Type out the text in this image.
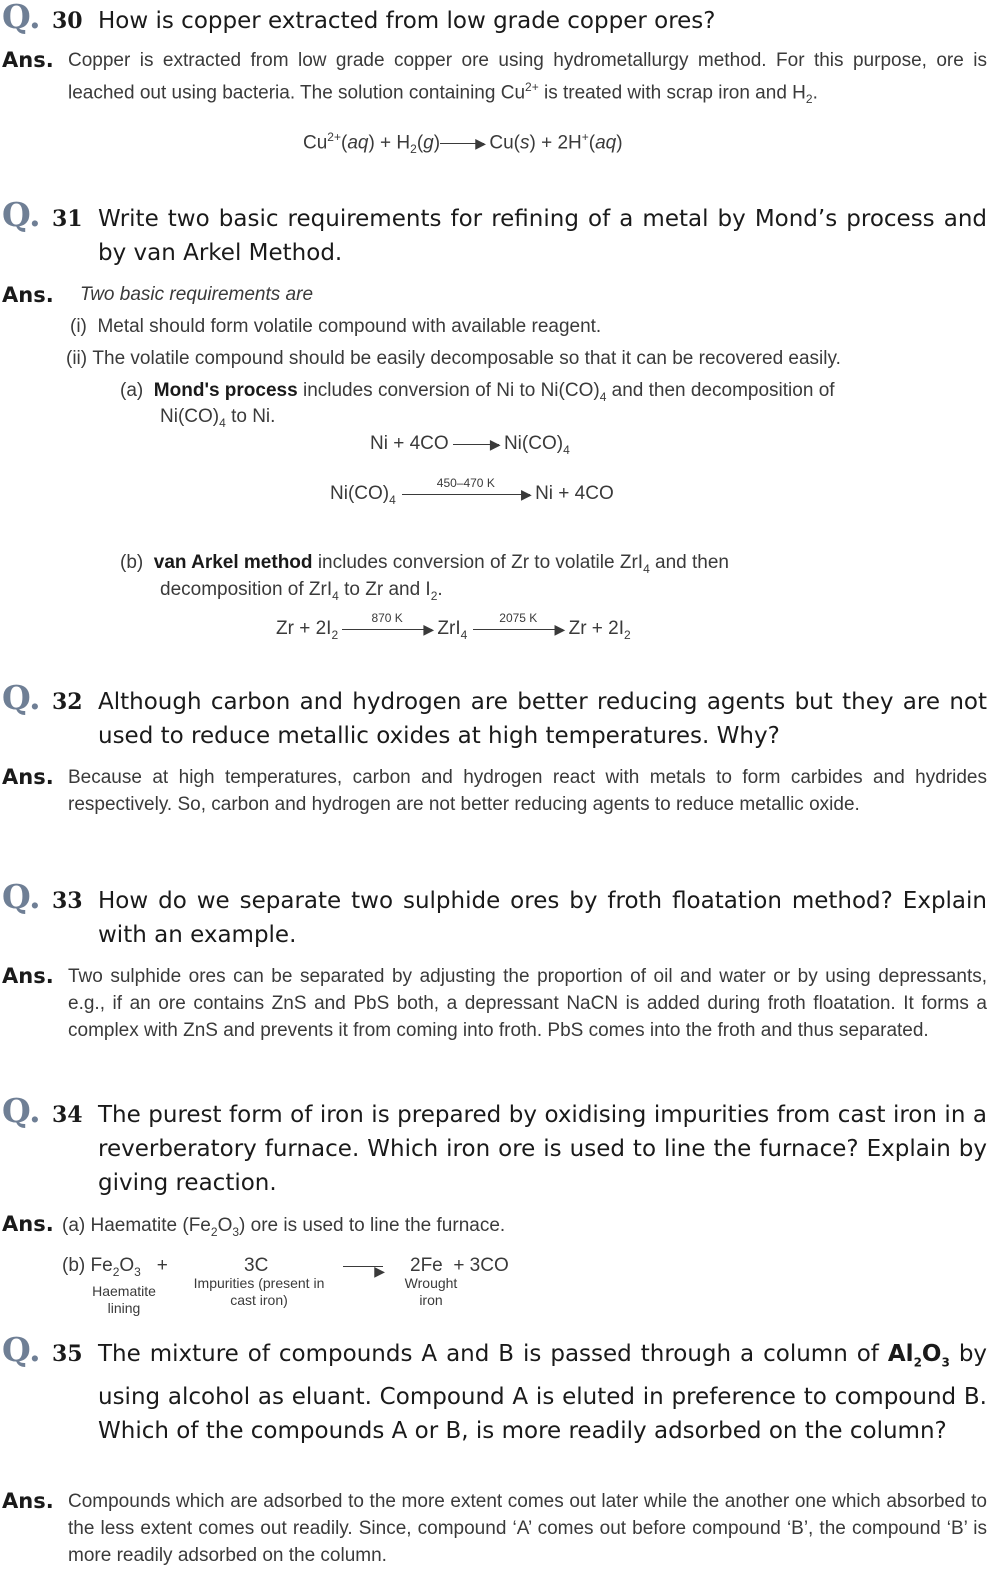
Q. 30 How is copper extracted from low grade copper ores?
Ans. Copper is extracted from low grade copper ore using hydrometallurgy method. For this purpose, ore is leached out using bacteria. The solution containing $Cu^{2+}$ is treated with scrap iron and $H_2$.
$Cu^{2+}(aq) + H_2(g)$	▶
Cu(s) + 2H+(aq)
Q. 31 Write two basic requirements for refining of a metal by Mond’s process and by van Arkel Method.
Ans. Two basic requirements are
(i)  Metal should form volatile compound with available reagent.
(ii) The volatile compound should be easily decomposable so that it can be recovered easily.
(a) Mond's process includes conversion of Ni to $Ni(CO)_4$ and then decomposition of
$Ni(CO)_4$ to Ni.
Ni + 4CO	▶
$Ni(CO)_4$
$Ni(CO)_4$
450–470 K
▶
Ni + 4CO
(b) van Arkel method includes conversion of Zr to volatile ZrI$_4$ and then
decomposition of ZrI$_4$ to Zr and $I_2$.
$Zr + 2I_2$
870 K
▶
ZrI$_4$
2075 K
▶
$Zr + 2I_2$
Q. 32 Although carbon and hydrogen are better reducing agents but they are not used to reduce metallic oxides at high temperatures. Why?
Ans. Because at high temperatures, carbon and hydrogen react with metals to form carbides and hydrides respectively. So, carbon and hydrogen are not better reducing agents to reduce metallic oxide.
Q. 33 How do we separate two sulphide ores by froth floatation method? Explain with an example.
Ans. Two sulphide ores can be separated by adjusting the proportion of oil and water or by using depressants, e.g., if an ore contains ZnS and PbS both, a depressant NaCN is added during froth floatation. It forms a complex with ZnS and prevents it from coming into froth. PbS comes into the froth and thus separated.
Q. 34 The purest form of iron is prepared by oxidising impurities from cast iron in a reverberatory furnace. Which iron ore is used to line the furnace? Explain by giving reaction.
Ans. (a) Haematite $(Fe_2O_3)$ ore is used to line the furnace.
(b) $Fe_2O_3$ +	3C	▶ 2Fe + 3CO
Haematite lining
Impurities (present in cast iron)
Wrought iron
Q. 35 The mixture of compounds A and B is passed through a column of $Al_2O_3$ by using alcohol as eluant. Compound A is eluted in preference to compound B. Which of the compounds A or B, is more readily adsorbed on the column?
Ans. Compounds which are adsorbed to the more extent comes out later while the another one which absorbed to the less extent comes out readily. Since, compound ‘A’ comes out before compound ‘B’, the compound ‘B’ is more readily adsorbed on the column.
